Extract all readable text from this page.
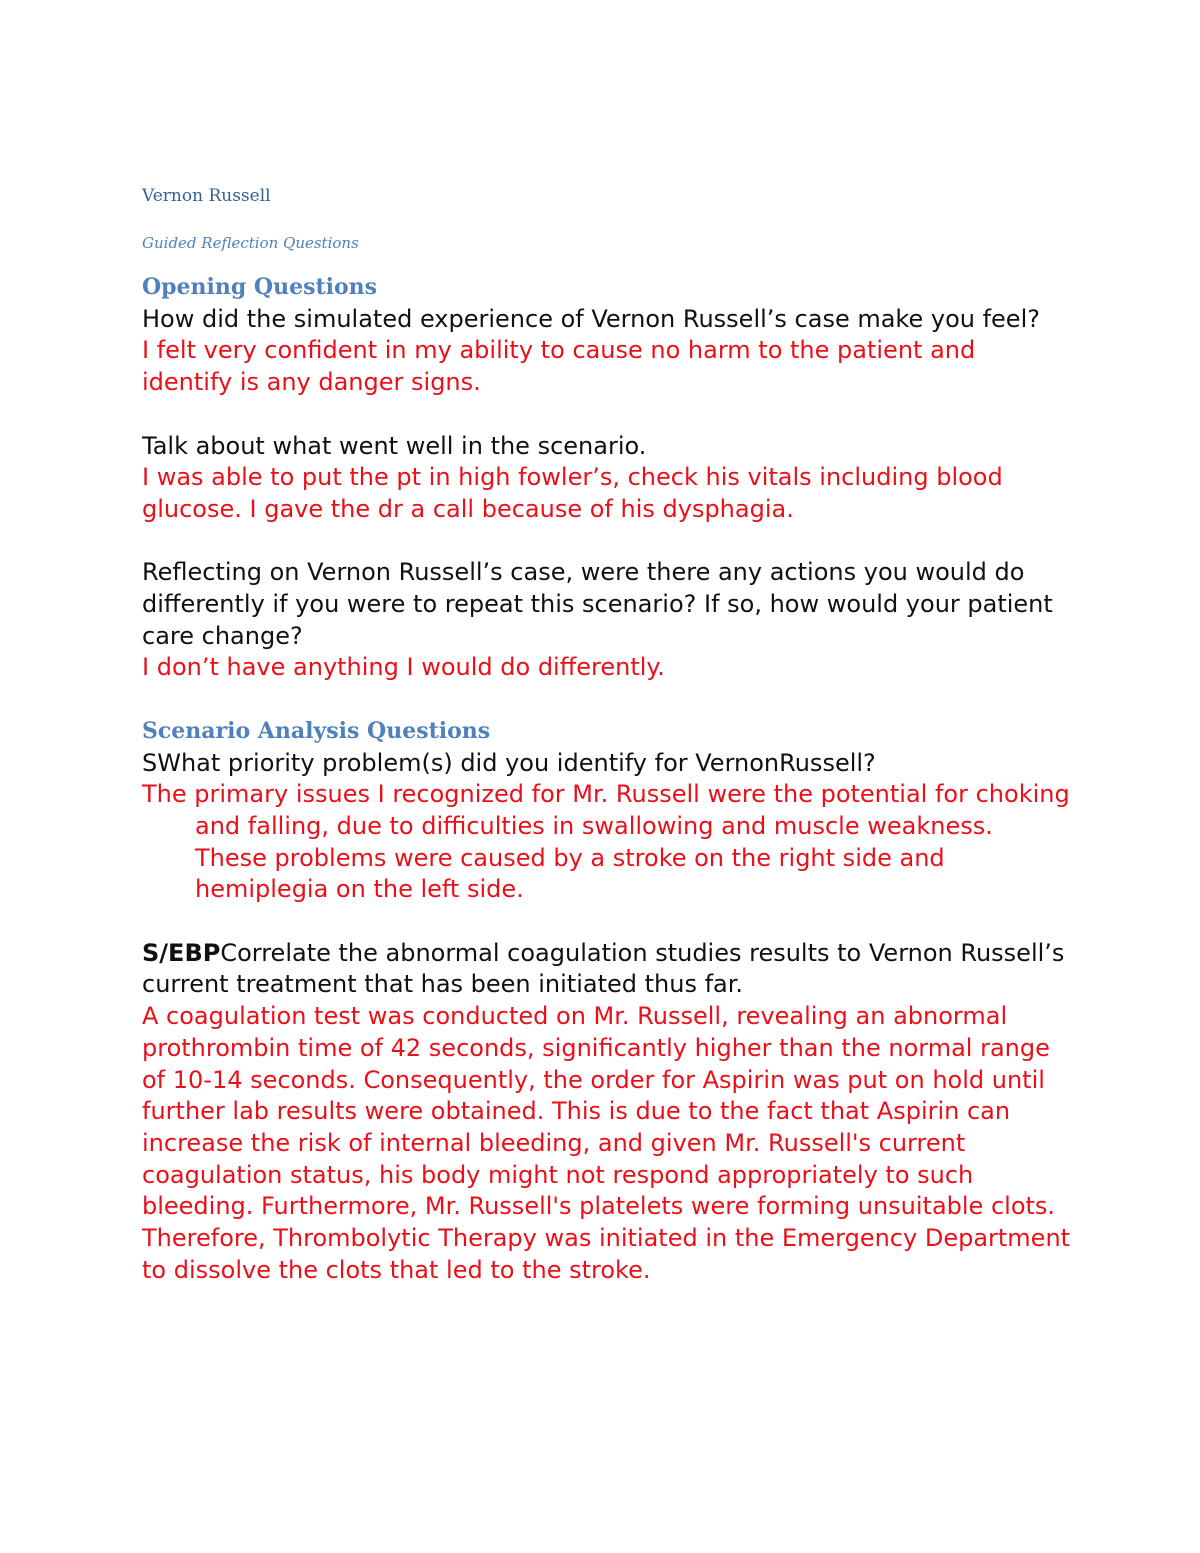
Vernon Russell

Guided Reflection Questions

Opening Questions

How did the simulated experience of Vernon Russell’s case make you feel?

I felt very confident in my ability to cause no harm to the patient and identify is any danger signs.

Talk about what went well in the scenario.

I was able to put the pt in high fowler’s, check his vitals including blood glucose. I gave the dr a call because of his dysphagia.

Reflecting on Vernon Russell’s case, were there any actions you would do differently if you were to repeat this scenario? If so, how would your patient care change?

I don’t have anything I would do differently.

Scenario Analysis Questions

SWhat priority problem(s) did you identify for VernonRussell?

The primary issues I recognized for Mr. Russell were the potential for choking and falling, due to difficulties in swallowing and muscle weakness. These problems were caused by a stroke on the right side and hemiplegia on the left side.

S/EBPCorrelate the abnormal coagulation studies results to Vernon Russell’s current treatment that has been initiated thus far.

A coagulation test was conducted on Mr. Russell, revealing an abnormal prothrombin time of 42 seconds, significantly higher than the normal range of 10-14 seconds. Consequently, the order for Aspirin was put on hold until further lab results were obtained. This is due to the fact that Aspirin can increase the risk of internal bleeding, and given Mr. Russell's current coagulation status, his body might not respond appropriately to such bleeding. Furthermore, Mr. Russell's platelets were forming unsuitable clots. Therefore, Thrombolytic Therapy was initiated in the Emergency Department to dissolve the clots that led to the stroke.
